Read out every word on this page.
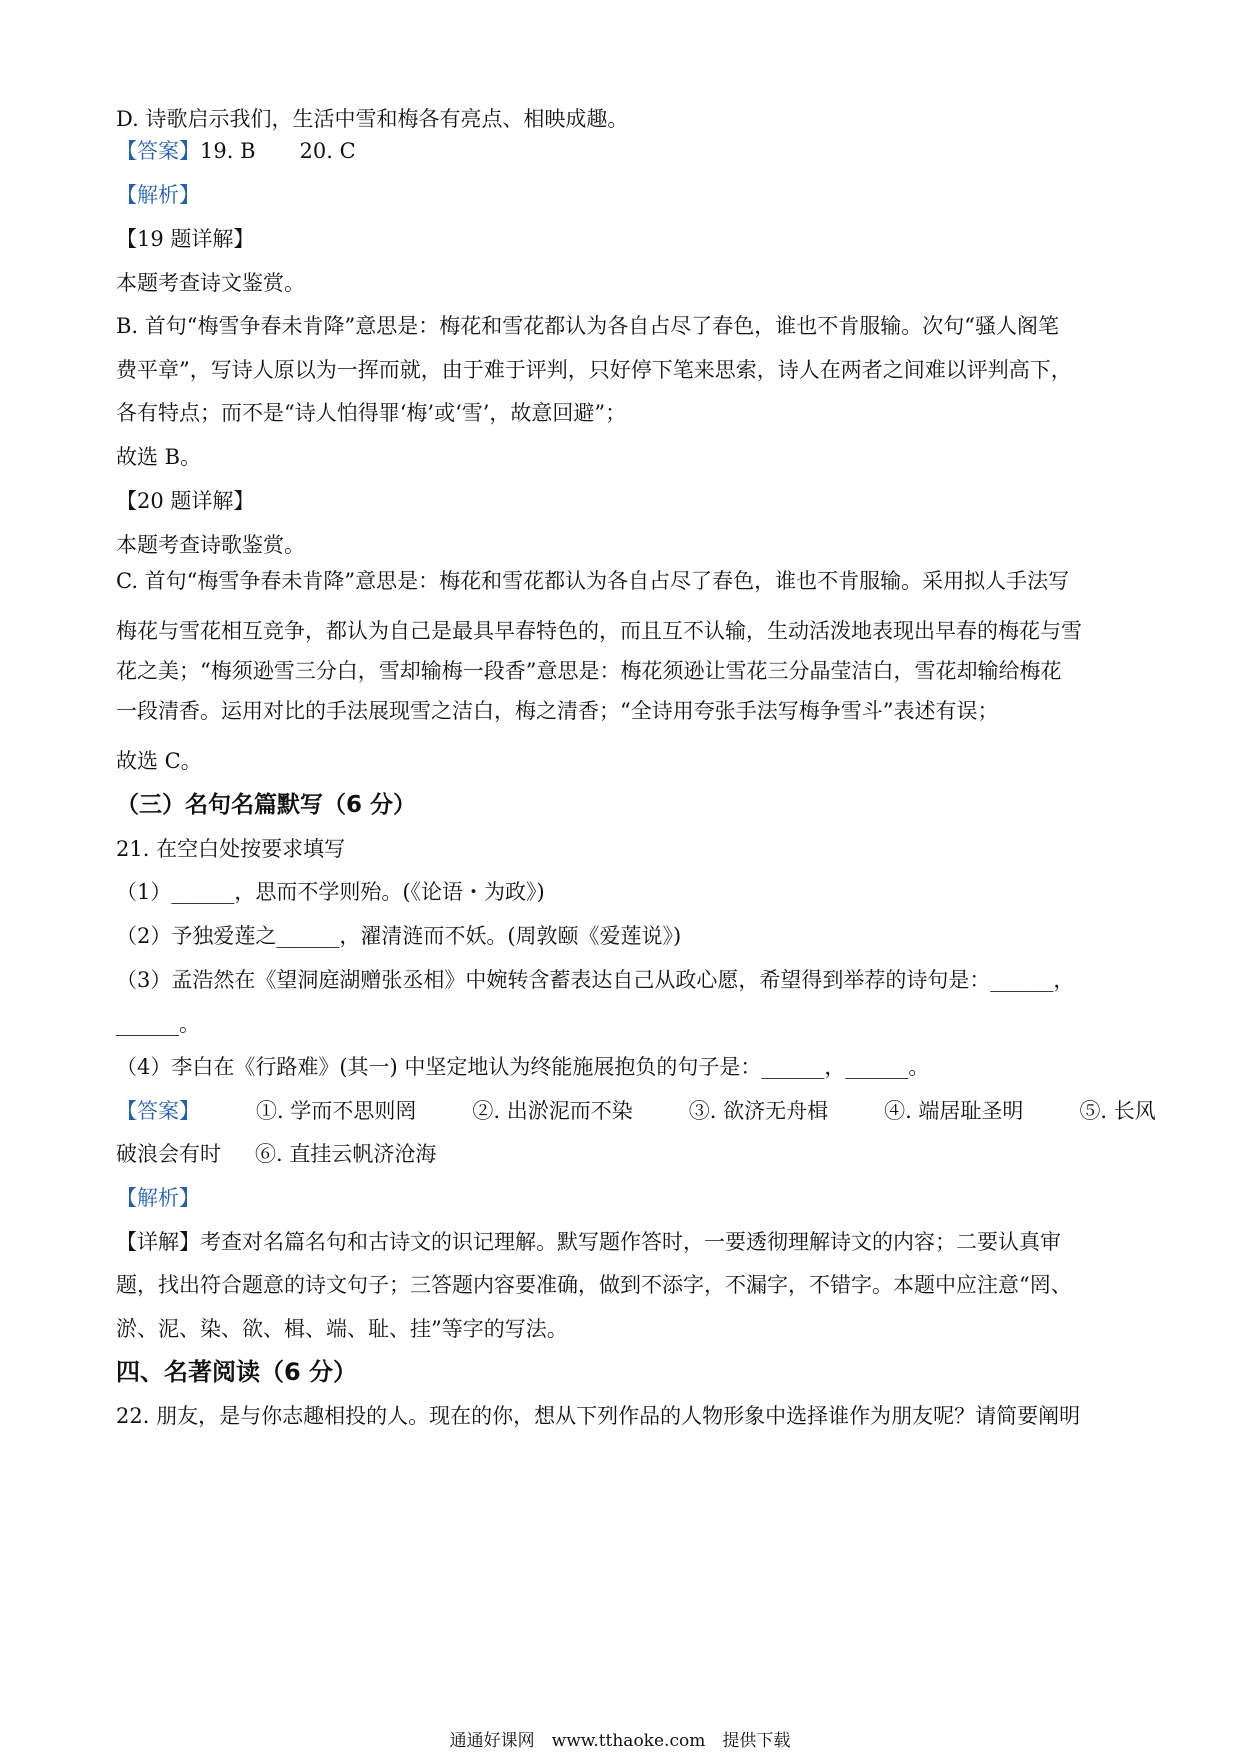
D. 诗歌启示我们，生活中雪和梅各有亮点、相映成趣。
【答案】19. B 20. C
【解析】
【19 题详解】
本题考查诗文鉴赏。
B. 首句“梅雪争春未肯降”意思是：梅花和雪花都认为各自占尽了春色，谁也不肯服输。次句“骚人阁笔
费平章”，写诗人原以为一挥而就，由于难于评判，只好停下笔来思索，诗人在两者之间难以评判高下，
各有特点；而不是“诗人怕得罪‘梅’或‘雪’，故意回避”；
故选 B。
【20 题详解】
本题考查诗歌鉴赏。
C. 首句“梅雪争春未肯降”意思是：梅花和雪花都认为各自占尽了春色，谁也不肯服输。采用拟人手法写
梅花与雪花相互竞争，都认为自己是最具早春特色的，而且互不认输，生动活泼地表现出早春的梅花与雪
花之美；“梅须逊雪三分白，雪却输梅一段香”意思是：梅花须逊让雪花三分晶莹洁白，雪花却输给梅花
一段清香。运用对比的手法展现雪之洁白，梅之清香；“全诗用夸张手法写梅争雪斗”表述有误；
故选 C。
（三）名句名篇默写（6 分）
21. 在空白处按要求填写
（1）______，思而不学则殆。(《论语・为政》)
（2）予独爱莲之______，濯清涟而不妖。(周敦颐《爱莲说》)
（3）孟浩然在《望洞庭湖赠张丞相》中婉转含蓄表达自己从政心愿，希望得到举荐的诗句是：______，
______。
（4）李白在《行路难》(其一) 中坚定地认为终能施展抱负的句子是：______，______。
【答案】	①. 学而不思则罔	②. 出淤泥而不染	③. 欲济无舟楫	④. 端居耻圣明	⑤. 长风
破浪会有时 ⑥. 直挂云帆济沧海
【解析】
【详解】考查对名篇名句和古诗文的识记理解。默写题作答时，一要透彻理解诗文的内容；二要认真审
题，找出符合题意的诗文句子；三答题内容要准确，做到不添字，不漏字，不错字。本题中应注意“罔、
淤、泥、染、欲、楫、端、耻、挂”等字的写法。
四、名著阅读（6 分）
22. 朋友，是与你志趣相投的人。现在的你，想从下列作品的人物形象中选择谁作为朋友呢？请简要阐明
通通好课网　www.tthaoke.com　提供下载
